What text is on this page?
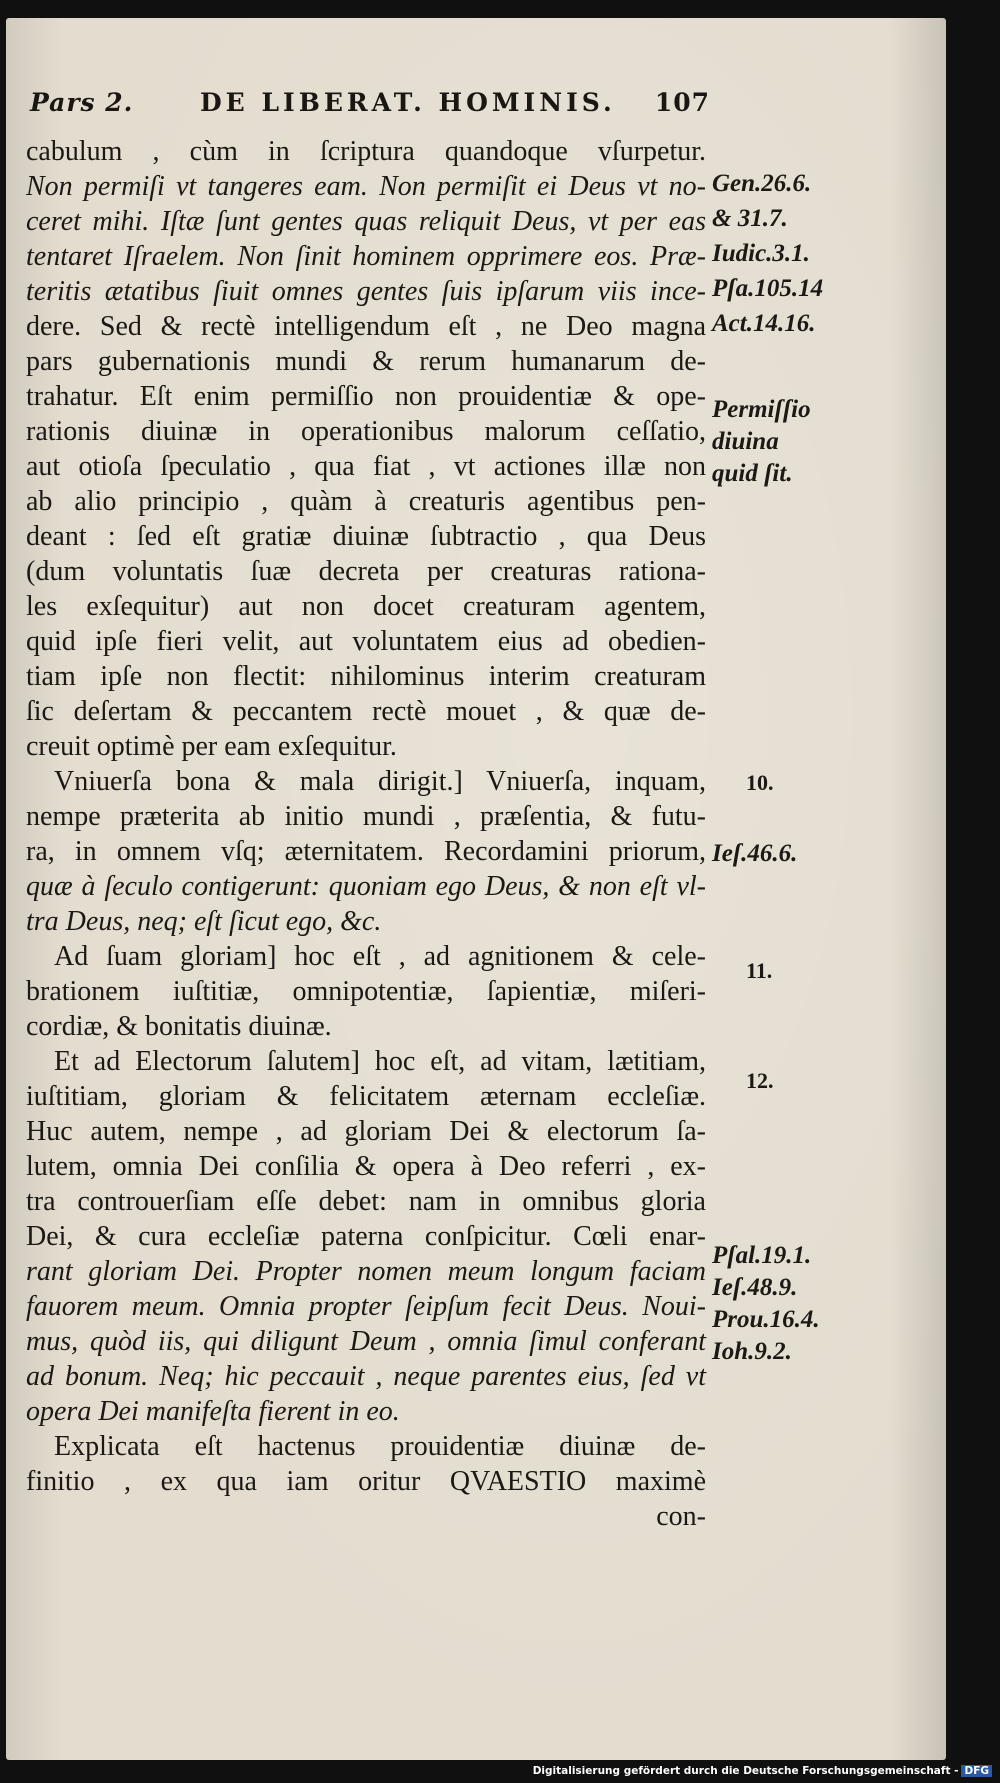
Pars 2.	DE LIBERAT. HOMINIS. 107
cabulum , cùm in ſcriptura quandoque vſurpetur.
Non permiſi vt tangeres eam. Non permiſit ei Deus vt no-
ceret mihi. Iſtæ ſunt gentes quas reliquit Deus, vt per eas
tentaret Iſraelem. Non ſinit hominem opprimere eos. Præ-
teritis ætatibus ſiuit omnes gentes ſuis ipſarum viis ince-
dere. Sed & rectè intelligendum eſt , ne Deo magna
pars gubernationis mundi & rerum humanarum de-
trahatur. Eſt enim permiſſio non prouidentiæ & ope-
rationis diuinæ in operationibus malorum ceſſatio,
aut otioſa ſpeculatio , qua fiat , vt actiones illæ non
ab alio principio , quàm à creaturis agentibus pen-
deant : ſed eſt gratiæ diuinæ ſubtractio , qua Deus
(dum voluntatis ſuæ decreta per creaturas rationa-
les exſequitur) aut non docet creaturam agentem,
quid ipſe fieri velit, aut voluntatem eius ad obedien-
tiam ipſe non flectit: nihilominus interim creaturam
ſic deſertam & peccantem rectè mouet , & quæ de-
creuit optimè per eam exſequitur.
Vniuerſa bona & mala dirigit.] Vniuerſa, inquam,
nempe præterita ab initio mundi , præſentia, & futu-
ra, in omnem vſq; æternitatem. Recordamini priorum,
quæ à ſeculo contigerunt: quoniam ego Deus, & non eſt vl-
tra Deus, neq; eſt ſicut ego, &c.
Ad ſuam gloriam] hoc eſt , ad agnitionem & cele-
brationem iuſtitiæ, omnipotentiæ, ſapientiæ, miſeri-
cordiæ, & bonitatis diuinæ.
Et ad Electorum ſalutem] hoc eſt, ad vitam, lætitiam,
iuſtitiam, gloriam & felicitatem æternam eccleſiæ.
Huc autem, nempe , ad gloriam Dei & electorum ſa-
lutem, omnia Dei conſilia & opera à Deo referri , ex-
tra controuerſiam eſſe debet: nam in omnibus gloria
Dei, & cura eccleſiæ paterna conſpicitur. Cœli enar-
rant gloriam Dei. Propter nomen meum longum faciam
fauorem meum. Omnia propter ſeipſum fecit Deus. Noui-
mus, quòd iis, qui diligunt Deum , omnia ſimul conferant
ad bonum. Neq; hic peccauit , neque parentes eius, ſed vt
opera Dei manifeſta fierent in eo.
Explicata eſt hactenus prouidentiæ diuinæ de-
finitio , ex qua iam oritur QVAESTIO maximè
con-
Gen.26.6.
& 31.7.
Iudic.3.1.
Pſa.105.14
Act.14.16.
Permiſſio
diuina
quid ſit.
10.
Ieſ.46.6.
11.
12.
Pſal.19.1.
Ieſ.48.9.
Prou.16.4.
Ioh.9.2.
Digitalisierung gefördert durch die Deutsche Forschungsgemeinschaft - DFG
